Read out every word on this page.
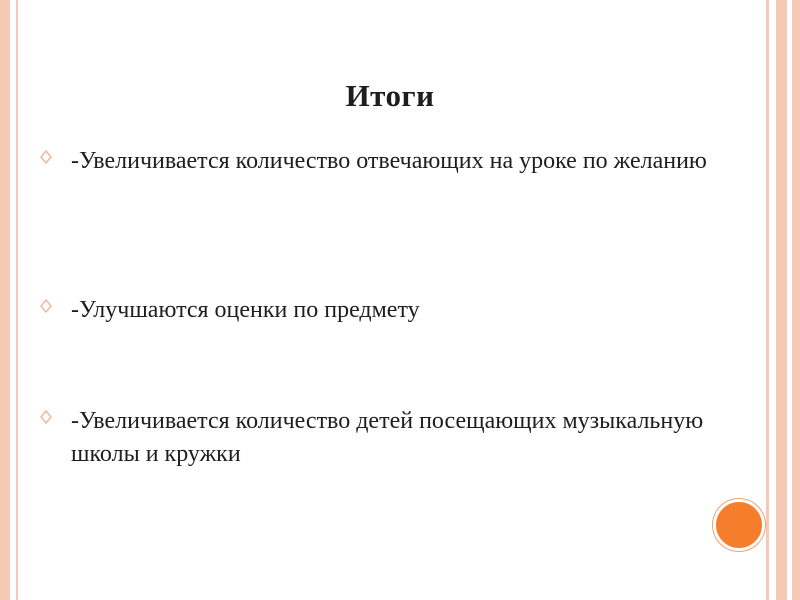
Итоги
-Увеличивается количество отвечающих на уроке по желанию
-Улучшаются оценки по предмету
-Увеличивается количество детей посещающих музыкальную школы и кружки
